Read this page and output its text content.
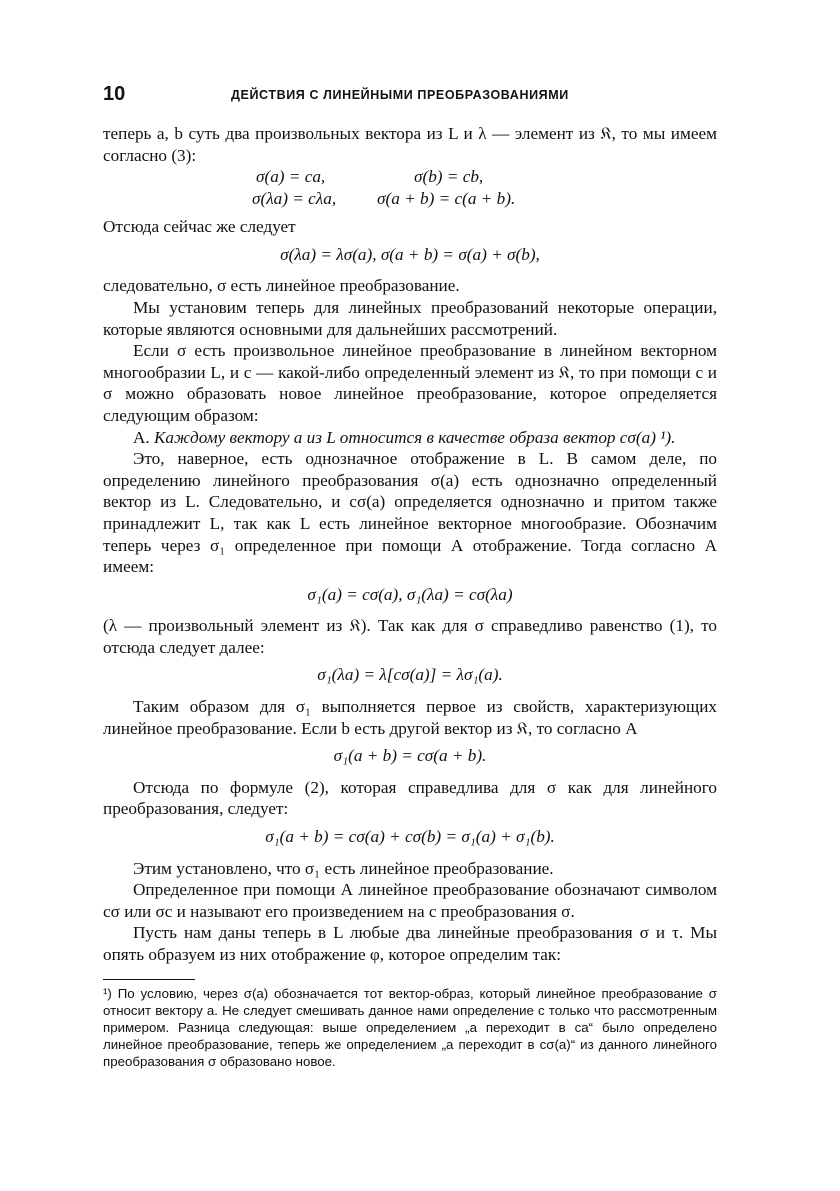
10	ДЕЙСТВИЯ С ЛИНЕЙНЫМИ ПРЕОБРАЗОВАНИЯМИ

теперь a, b суть два произвольных вектора из L и λ — элемент из 𝔎, то мы имеем согласно (3):

σ(a) = ca,	σ(b) = cb,
σ(λa) = cλa, σ(a + b) = c(a + b).

Отсюда сейчас же следует

σ(λa) = λσ(a), σ(a + b) = σ(a) + σ(b),

следовательно, σ есть линейное преобразование.

Мы установим теперь для линейных преобразований некоторые операции, которые являются основными для дальнейших рассмотрений.

Если σ есть произвольное линейное преобразование в линейном векторном многообразии L, и c — какой-либо определенный элемент из 𝔎, то при помощи c и σ можно образовать новое линейное преобразование, которое определяется следующим образом:

А. Каждому вектору a из L относится в качестве образа вектор cσ(a) ¹).

Это, наверное, есть однозначное отображение в L. В самом деле, по определению линейного преобразования σ(a) есть однозначно определенный вектор из L. Следовательно, и cσ(a) определяется однозначно и притом также принадлежит L, так как L есть линейное векторное многообразие. Обозначим теперь через σ₁ определенное при помощи А отображение. Тогда согласно А имеем:

σ₁(a) = cσ(a), σ₁(λa) = cσ(λa)

(λ — произвольный элемент из 𝔎). Так как для σ справедливо равенство (1), то отсюда следует далее:

σ₁(λa) = λ[cσ(a)] = λσ₁(a).

Таким образом для σ₁ выполняется первое из свойств, характеризующих линейное преобразование. Если b есть другой вектор из 𝔎, то согласно А

σ₁(a + b) = cσ(a + b).

Отсюда по формуле (2), которая справедлива для σ как для линейного преобразования, следует:

σ₁(a + b) = cσ(a) + cσ(b) = σ₁(a) + σ₁(b).

Этим установлено, что σ₁ есть линейное преобразование.

Определенное при помощи А линейное преобразование обозначают символом cσ или σc и называют его произведением на c преобразования σ.

Пусть нам даны теперь в L любые два линейные преобразования σ и τ. Мы опять образуем из них отображение φ, которое определим так:

¹) По условию, через σ(a) обозначается тот вектор-образ, который линейное преобразование σ относит вектору a. Не следует смешивать данное нами определение с только что рассмотренным примером. Разница следующая: выше определением „a переходит в ca“ было определено линейное преобразование, теперь же определением „a переходит в cσ(a)“ из данного линейного преобразования σ образовано новое.
